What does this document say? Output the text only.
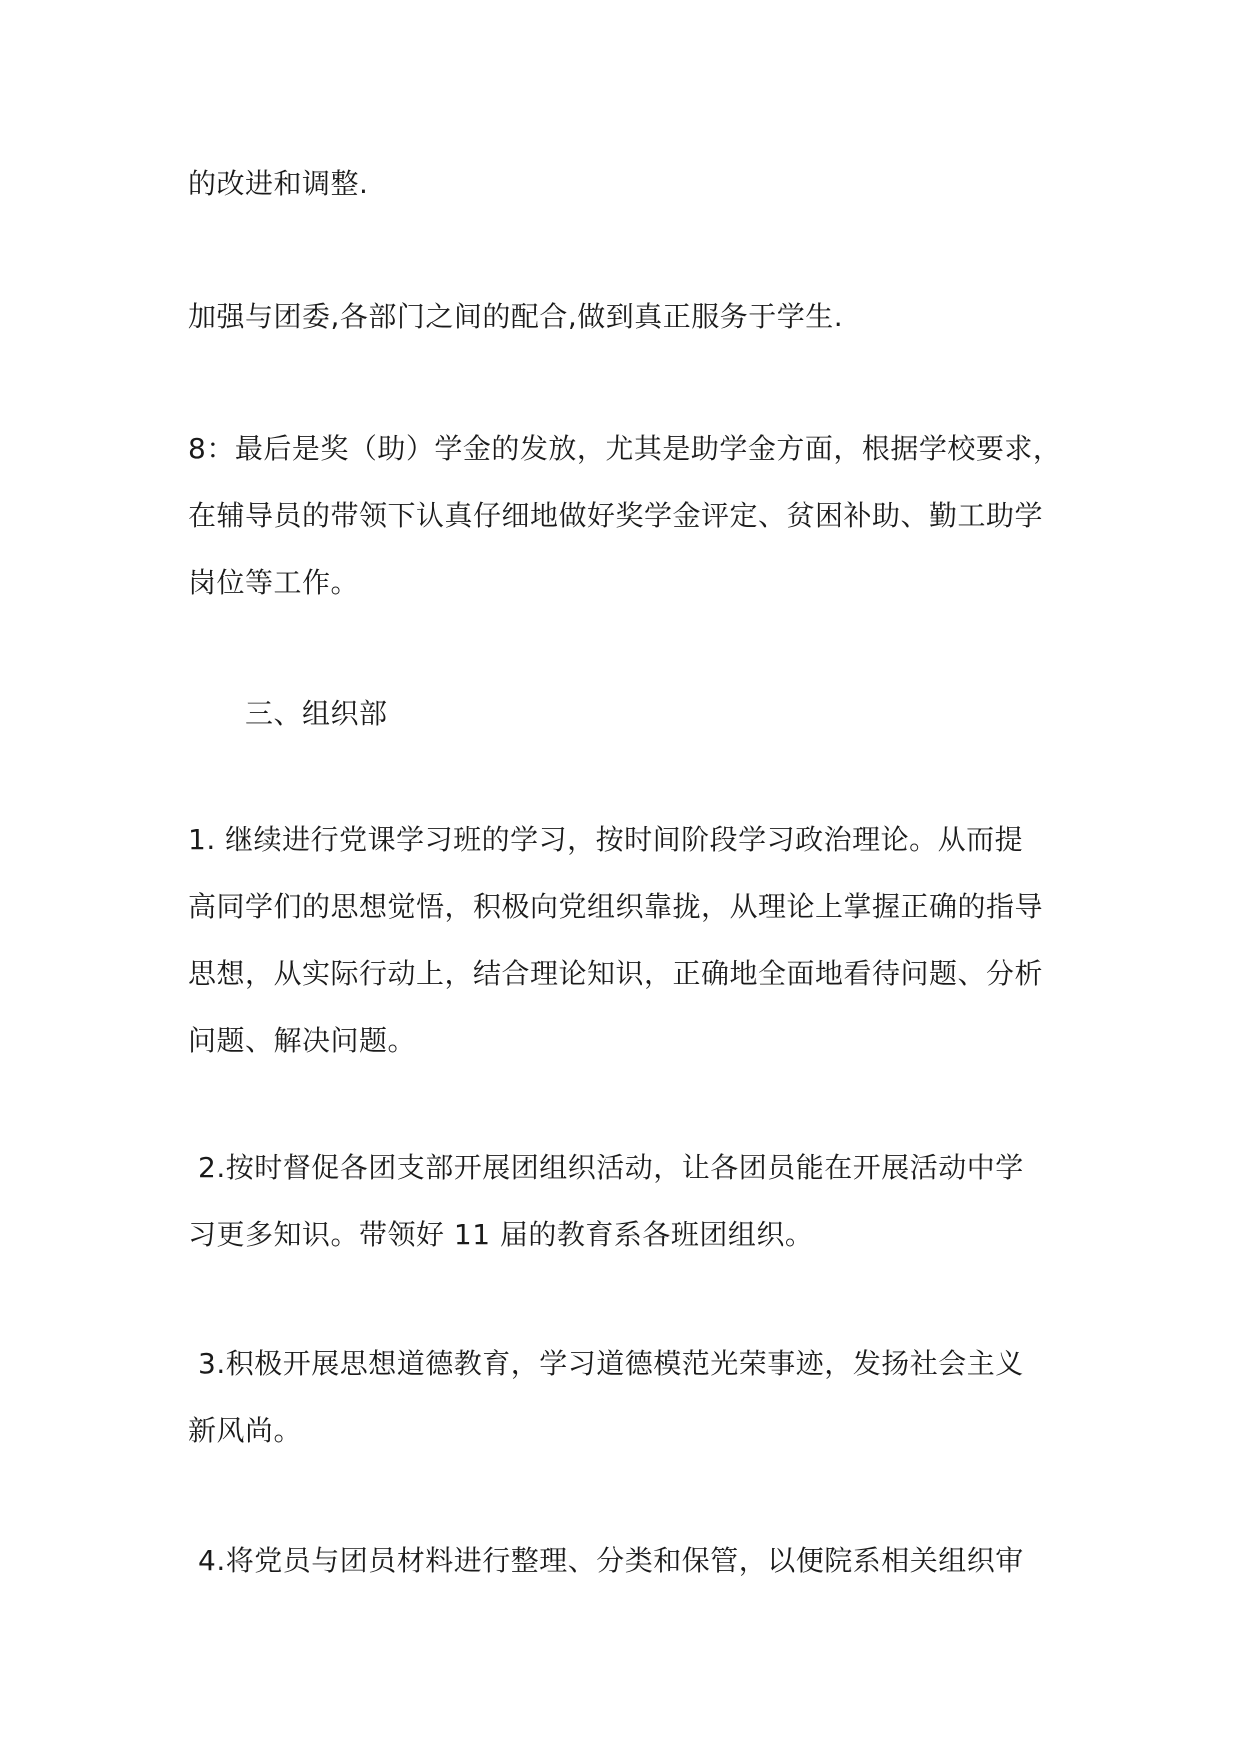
的改进和调整.
加强与团委,各部门之间的配合,做到真正服务于学生.
8：最后是奖（助）学金的发放，尤其是助学金方面，根据学校要求，
在辅导员的带领下认真仔细地做好奖学金评定、贫困补助、勤工助学
岗位等工作。
三、组织部
1. 继续进行党课学习班的学习，按时间阶段学习政治理论。从而提
高同学们的思想觉悟，积极向党组织靠拢，从理论上掌握正确的指导
思想，从实际行动上，结合理论知识，正确地全面地看待问题、分析
问题、解决问题。
2.按时督促各团支部开展团组织活动，让各团员能在开展活动中学
习更多知识。带领好 11 届的教育系各班团组织。
3.积极开展思想道德教育，学习道德模范光荣事迹，发扬社会主义
新风尚。
4.将党员与团员材料进行整理、分类和保管，以便院系相关组织审
